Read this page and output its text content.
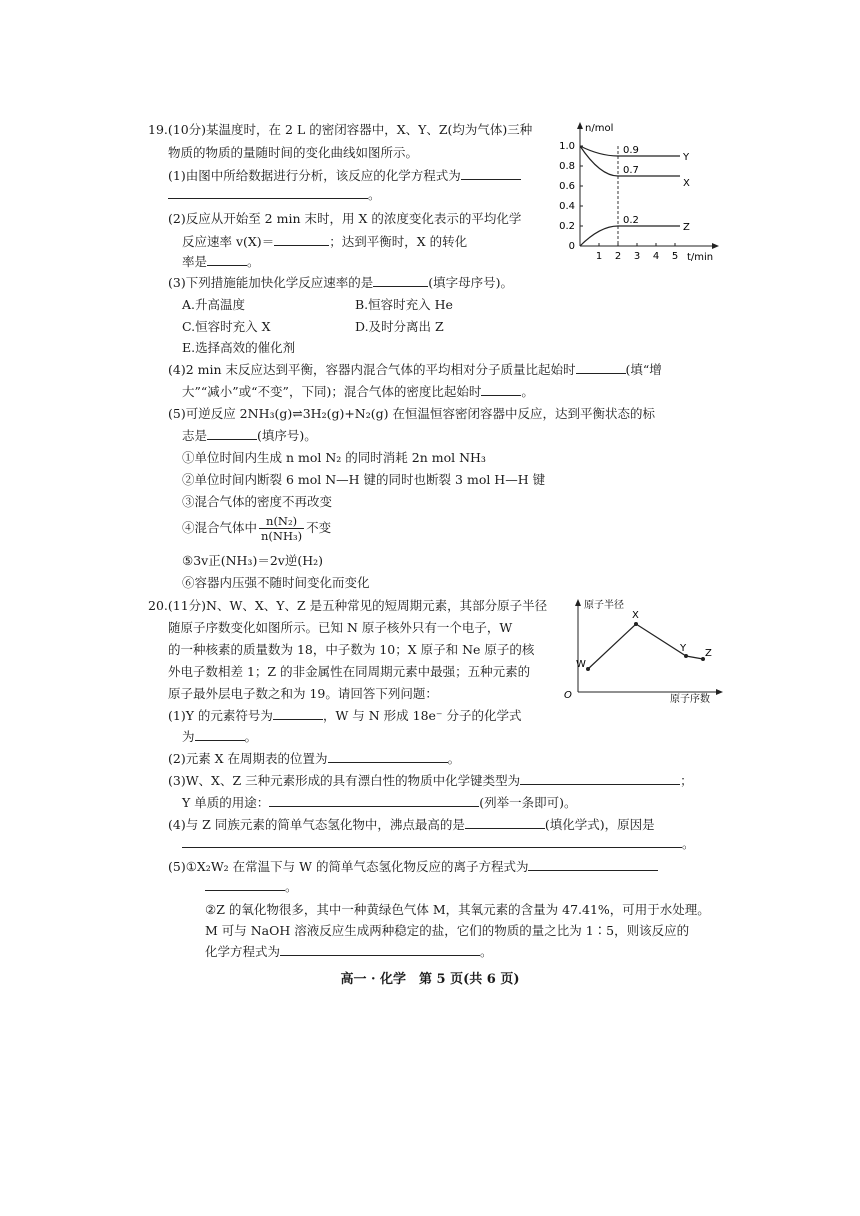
19.(10分)某温度时，在 2 L 的密闭容器中，X、Y、Z(均为气体)三种
物质的物质的量随时间的变化曲线如图所示。
(1)由图中所给数据进行分析，该反应的化学方程式为
。
(2)反应从开始至 2 min 末时，用 X 的浓度变化表示的平均化学
反应速率 v(X)＝	；达到平衡时，X 的转化
率是	。
(3)下列措施能加快化学反应速率的是	(填字母序号)。
A.升高温度	B.恒容时充入 He
C.恒容时充入 X	D.及时分离出 Z
E.选择高效的催化剂
(4)2 min 末反应达到平衡，容器内混合气体的平均相对分子质量比起始时	(填“增
大”“减小”或“不变”，下同)；混合气体的密度比起始时	。
(5)可逆反应 2NH₃(g)⇌3H₂(g)+N₂(g) 在恒温恒容密闭容器中反应，达到平衡状态的标
志是	(填序号)。
①单位时间内生成 n mol N₂ 的同时消耗 2n mol NH₃
②单位时间内断裂 6 mol N—H 键的同时也断裂 3 mol H—H 键
③混合气体的密度不再改变
④混合气体中 $\frac{\text{n(N₂)}}{\text{n(NH₃)}}$ 不变
⑤3v正(NH₃)＝2v逆(H₂)
⑥容器内压强不随时间变化而变化
n/mol
t/min
1.0
0.8
0.6
0.4
0.2
0
1 2 3 4 5
0.9
0.7
0.2
Y
X
Z
20.(11分)N、W、X、Y、Z 是五种常见的短周期元素，其部分原子半径
随原子序数变化如图所示。已知 N 原子核外只有一个电子，W
的一种核素的质量数为 18，中子数为 10；X 原子和 Ne 原子的核
外电子数相差 1；Z 的非金属性在同周期元素中最强；五种元素的
原子最外层电子数之和为 19。请回答下列问题：
(1)Y 的元素符号为	，W 与 N 形成 18e⁻ 分子的化学式
为	。
(2)元素 X 在周期表的位置为	。
(3)W、X、Z 三种元素形成的具有漂白性的物质中化学键类型为	；
Y 单质的用途：	(列举一条即可)。
(4)与 Z 同族元素的简单气态氢化物中，沸点最高的是	(填化学式)，原因是
。
(5)①X₂W₂ 在常温下与 W 的简单气态氢化物反应的离子方程式为
。
②Z 的氧化物很多，其中一种黄绿色气体 M，其氧元素的含量为 47.41%，可用于水处理。
M 可与 NaOH 溶液反应生成两种稳定的盐，它们的物质的量之比为 1∶5，则该反应的
化学方程式为	。
原子半径
原子序数
O
W
X
Y Z
高一 · 化学　第 5 页(共 6 页)
